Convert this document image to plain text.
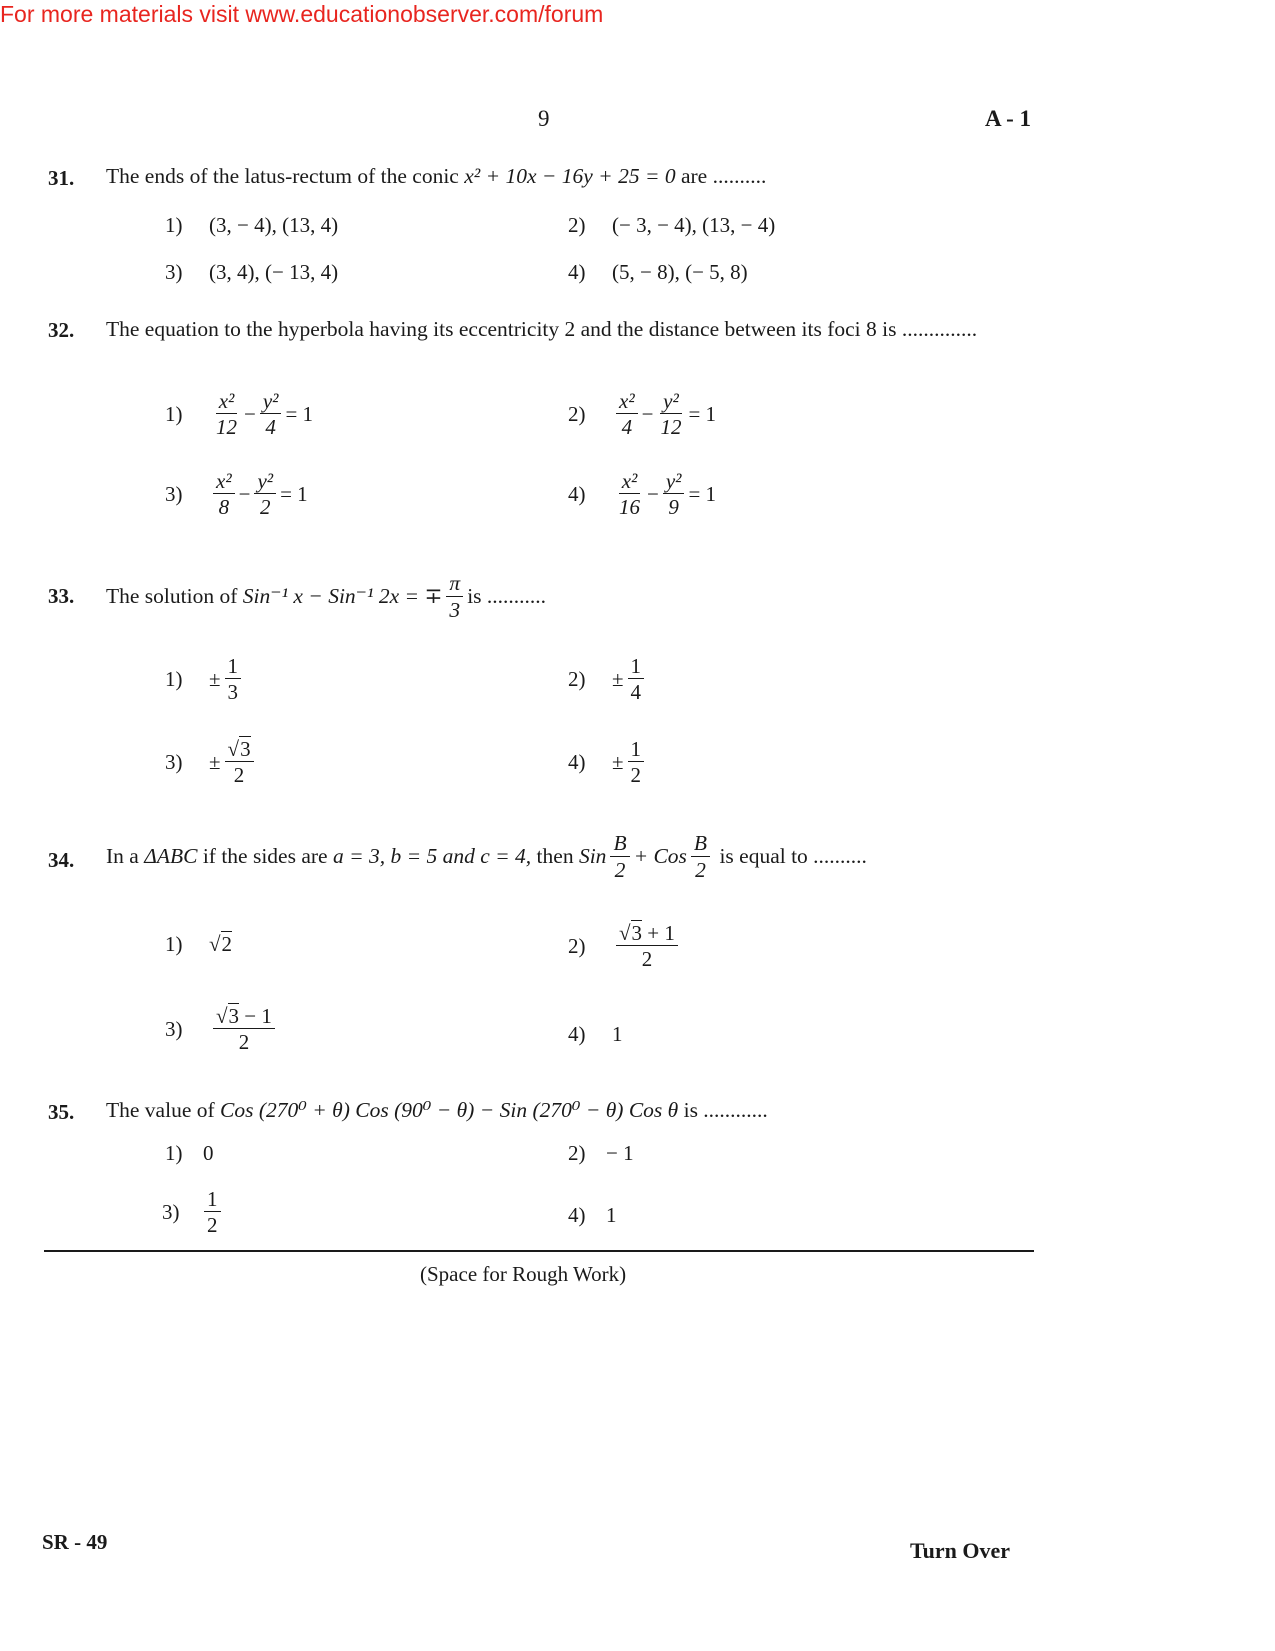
For more materials visit www.educationobserver.com/forum
9	A - 1
31. The ends of the latus-rectum of the conic x² + 10x − 16y + 25 = 0 are ..........
1)	(3, − 4), (13, 4)	2)	(− 3, − 4), (13, − 4)
3)	(3, 4), (− 13, 4)	4)	(5, − 8), (− 5, 8)
32. The equation to the hyperbola having its eccentricity 2 and the distance between its foci 8 is ..............
1)	$\frac{\text{x²}}{12} - \frac{\text{y²}}{4} = 1$	2)	$\frac{\text{x²}}{4} - \frac{\text{y²}}{12} = 1$
3)	$\frac{\text{x²}}{8} - \frac{\text{y²}}{2} = 1$	4)	$\frac{\text{x²}}{16} - \frac{\text{y²}}{9} = 1$
33. The solution of
Sin⁻¹ x − Sin⁻¹ 2x = ∓ $\frac{\pi}{3}$ is ...........
1)	± $\frac{1}{3}$	2)	± $\frac{1}{4}$
3)	± $\frac{√3}{2}$	4)	± $\frac{1}{2}$
34. In a
ΔABC
if the sides are
a = 3, b = 5 and c = 4,
then
Sin $\frac{B}{2}$ + Cos $\frac{B}{2}$
is equal to ..........
1)	√2	2)	$\frac{√3 + 1}{2}$
3)	$\frac{√3 - 1}{2}$	4)	1
35. The value of Cos (270⁰ + θ) Cos (90⁰ − θ) − Sin (270⁰ − θ) Cos θ is ............
1) 0	2) − 1
3)	$\frac{1}{2}$	4) 1
(Space for Rough Work)
SR - 49	Turn Over
